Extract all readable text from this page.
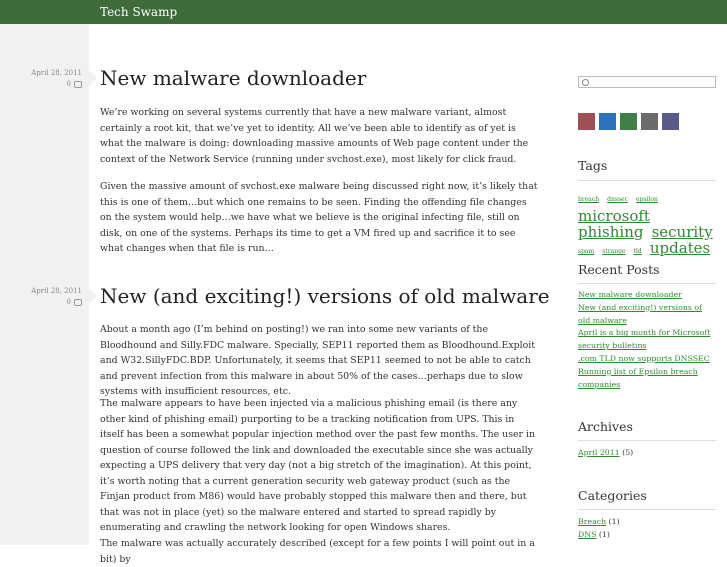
Tech Swamp
April 28, 2011
0 New malware downloader

We’re working on several systems currently that have a new malware variant, almost certainly a root kit, that we’ve yet to identity. All we’ve been able to identify as of yet is what the malware is doing: downloading massive amounts of Web page content under the context of the Network Service (running under svchost.exe), most likely for click fraud.

Given the massive amount of svchost.exe malware being discussed right now, it’s likely that this is one of them…but which one remains to be seen. Finding the offending file changes on the system would help…we have what we believe is the original infecting file, still on disk, on one of the systems. Perhaps its time to get a VM fired up and sacrifice it to see what changes when that file is run…

April 28, 2011
0 New (and exciting!) versions of old malware

About a month ago (I’m behind on posting!) we ran into some new variants of the Bloodhound and Silly.FDC malware. Specially, SEP11 reported them as Bloodhound.Exploit and W32.SillyFDC.BDP. Unfortunately, it seems that SEP11 seemed to not be able to catch and prevent infection from this malware in about 50% of the cases…perhaps due to slow systems with insufficient resources, etc.

The malware appears to have been injected via a malicious phishing email (is there any other kind of phishing email) purporting to be a tracking notification from UPS. This in itself has been a somewhat popular injection method over the past few months. The user in question of course followed the link and downloaded the executable since she was actually expecting a UPS delivery that very day (not a big stretch of the imagination). At this point, it’s worth noting that a current generation security web gateway product (such as the Finjan product from M86) would have probably stopped this malware then and there, but that was not in place (yet) so the malware entered and started to spread rapidly by enumerating and crawling the network looking for open Windows shares.

The malware was actually accurately described (except for a few points I will point out in a bit) by

Tags
breach dnssec epsilon microsoft phishing security spam strange tld updates
Recent Posts
New malware downloader
New (and exciting!) versions of old malware
April is a big month for Microsoft security bulletins
.com TLD now supports DNSSEC
Running list of Epsilon breach companies
Archives
April 2011 (5)
Categories
Breach (1)
DNS (1)
